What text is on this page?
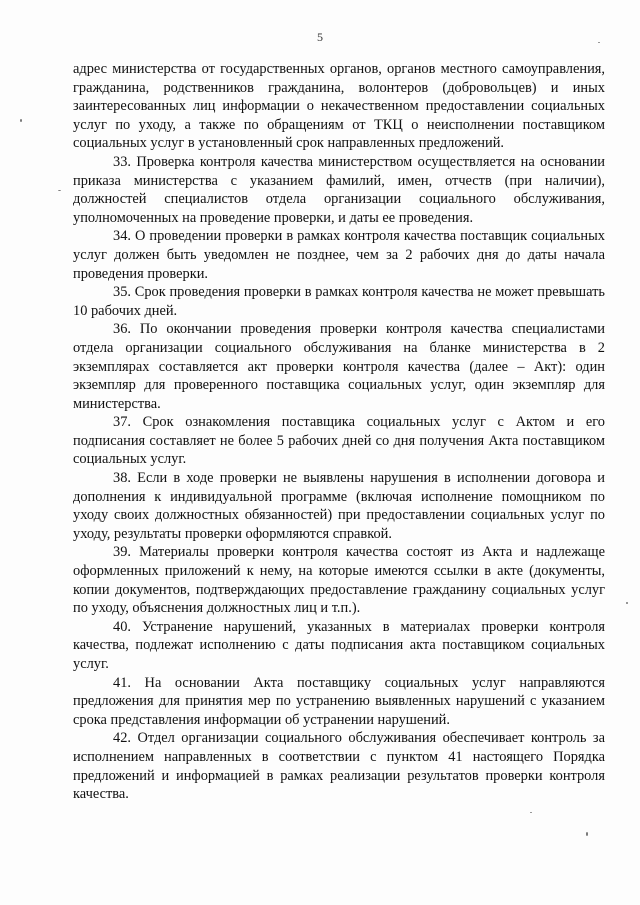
5

адрес министерства от государственных органов, органов местного самоуправления, гражданина, родственников гражданина, волонтеров (добровольцев) и иных заинтересованных лиц информации о некачественном предоставлении социальных услуг по уходу, а также по обращениям от ТКЦ о неисполнении поставщиком социальных услуг в установленный срок направленных предложений.

33. Проверка контроля качества министерством осуществляется на основании приказа министерства с указанием фамилий, имен, отчеств (при наличии), должностей специалистов отдела организации социального обслуживания, уполномоченных на проведение проверки, и даты ее проведения.

34. О проведении проверки в рамках контроля качества поставщик социальных услуг должен быть уведомлен не позднее, чем за 2 рабочих дня до даты начала проведения проверки.

35. Срок проведения проверки в рамках контроля качества не может превышать 10 рабочих дней.

36. По окончании проведения проверки контроля качества специалистами отдела организации социального обслуживания на бланке министерства в 2 экземплярах составляется акт проверки контроля качества (далее – Акт): один экземпляр для проверенного поставщика социальных услуг, один экземпляр для министерства.

37. Срок ознакомления поставщика социальных услуг с Актом и его подписания составляет не более 5 рабочих дней со дня получения Акта поставщиком социальных услуг.

38. Если в ходе проверки не выявлены нарушения в исполнении договора и дополнения к индивидуальной программе (включая исполнение помощником по уходу своих должностных обязанностей) при предоставлении социальных услуг по уходу, результаты проверки оформляются справкой.

39. Материалы проверки контроля качества состоят из Акта и надлежаще оформленных приложений к нему, на которые имеются ссылки в акте (документы, копии документов, подтверждающих предоставление гражданину социальных услуг по уходу, объяснения должностных лиц и т.п.).

40. Устранение нарушений, указанных в материалах проверки контроля качества, подлежат исполнению с даты подписания акта поставщиком социальных услуг.

41. На основании Акта поставщику социальных услуг направляются предложения для принятия мер по устранению выявленных нарушений с указанием срока представления информации об устранении нарушений.

42. Отдел организации социального обслуживания обеспечивает контроль за исполнением направленных в соответствии с пунктом 41 настоящего Порядка предложений и информацией в рамках реализации результатов проверки контроля качества.
